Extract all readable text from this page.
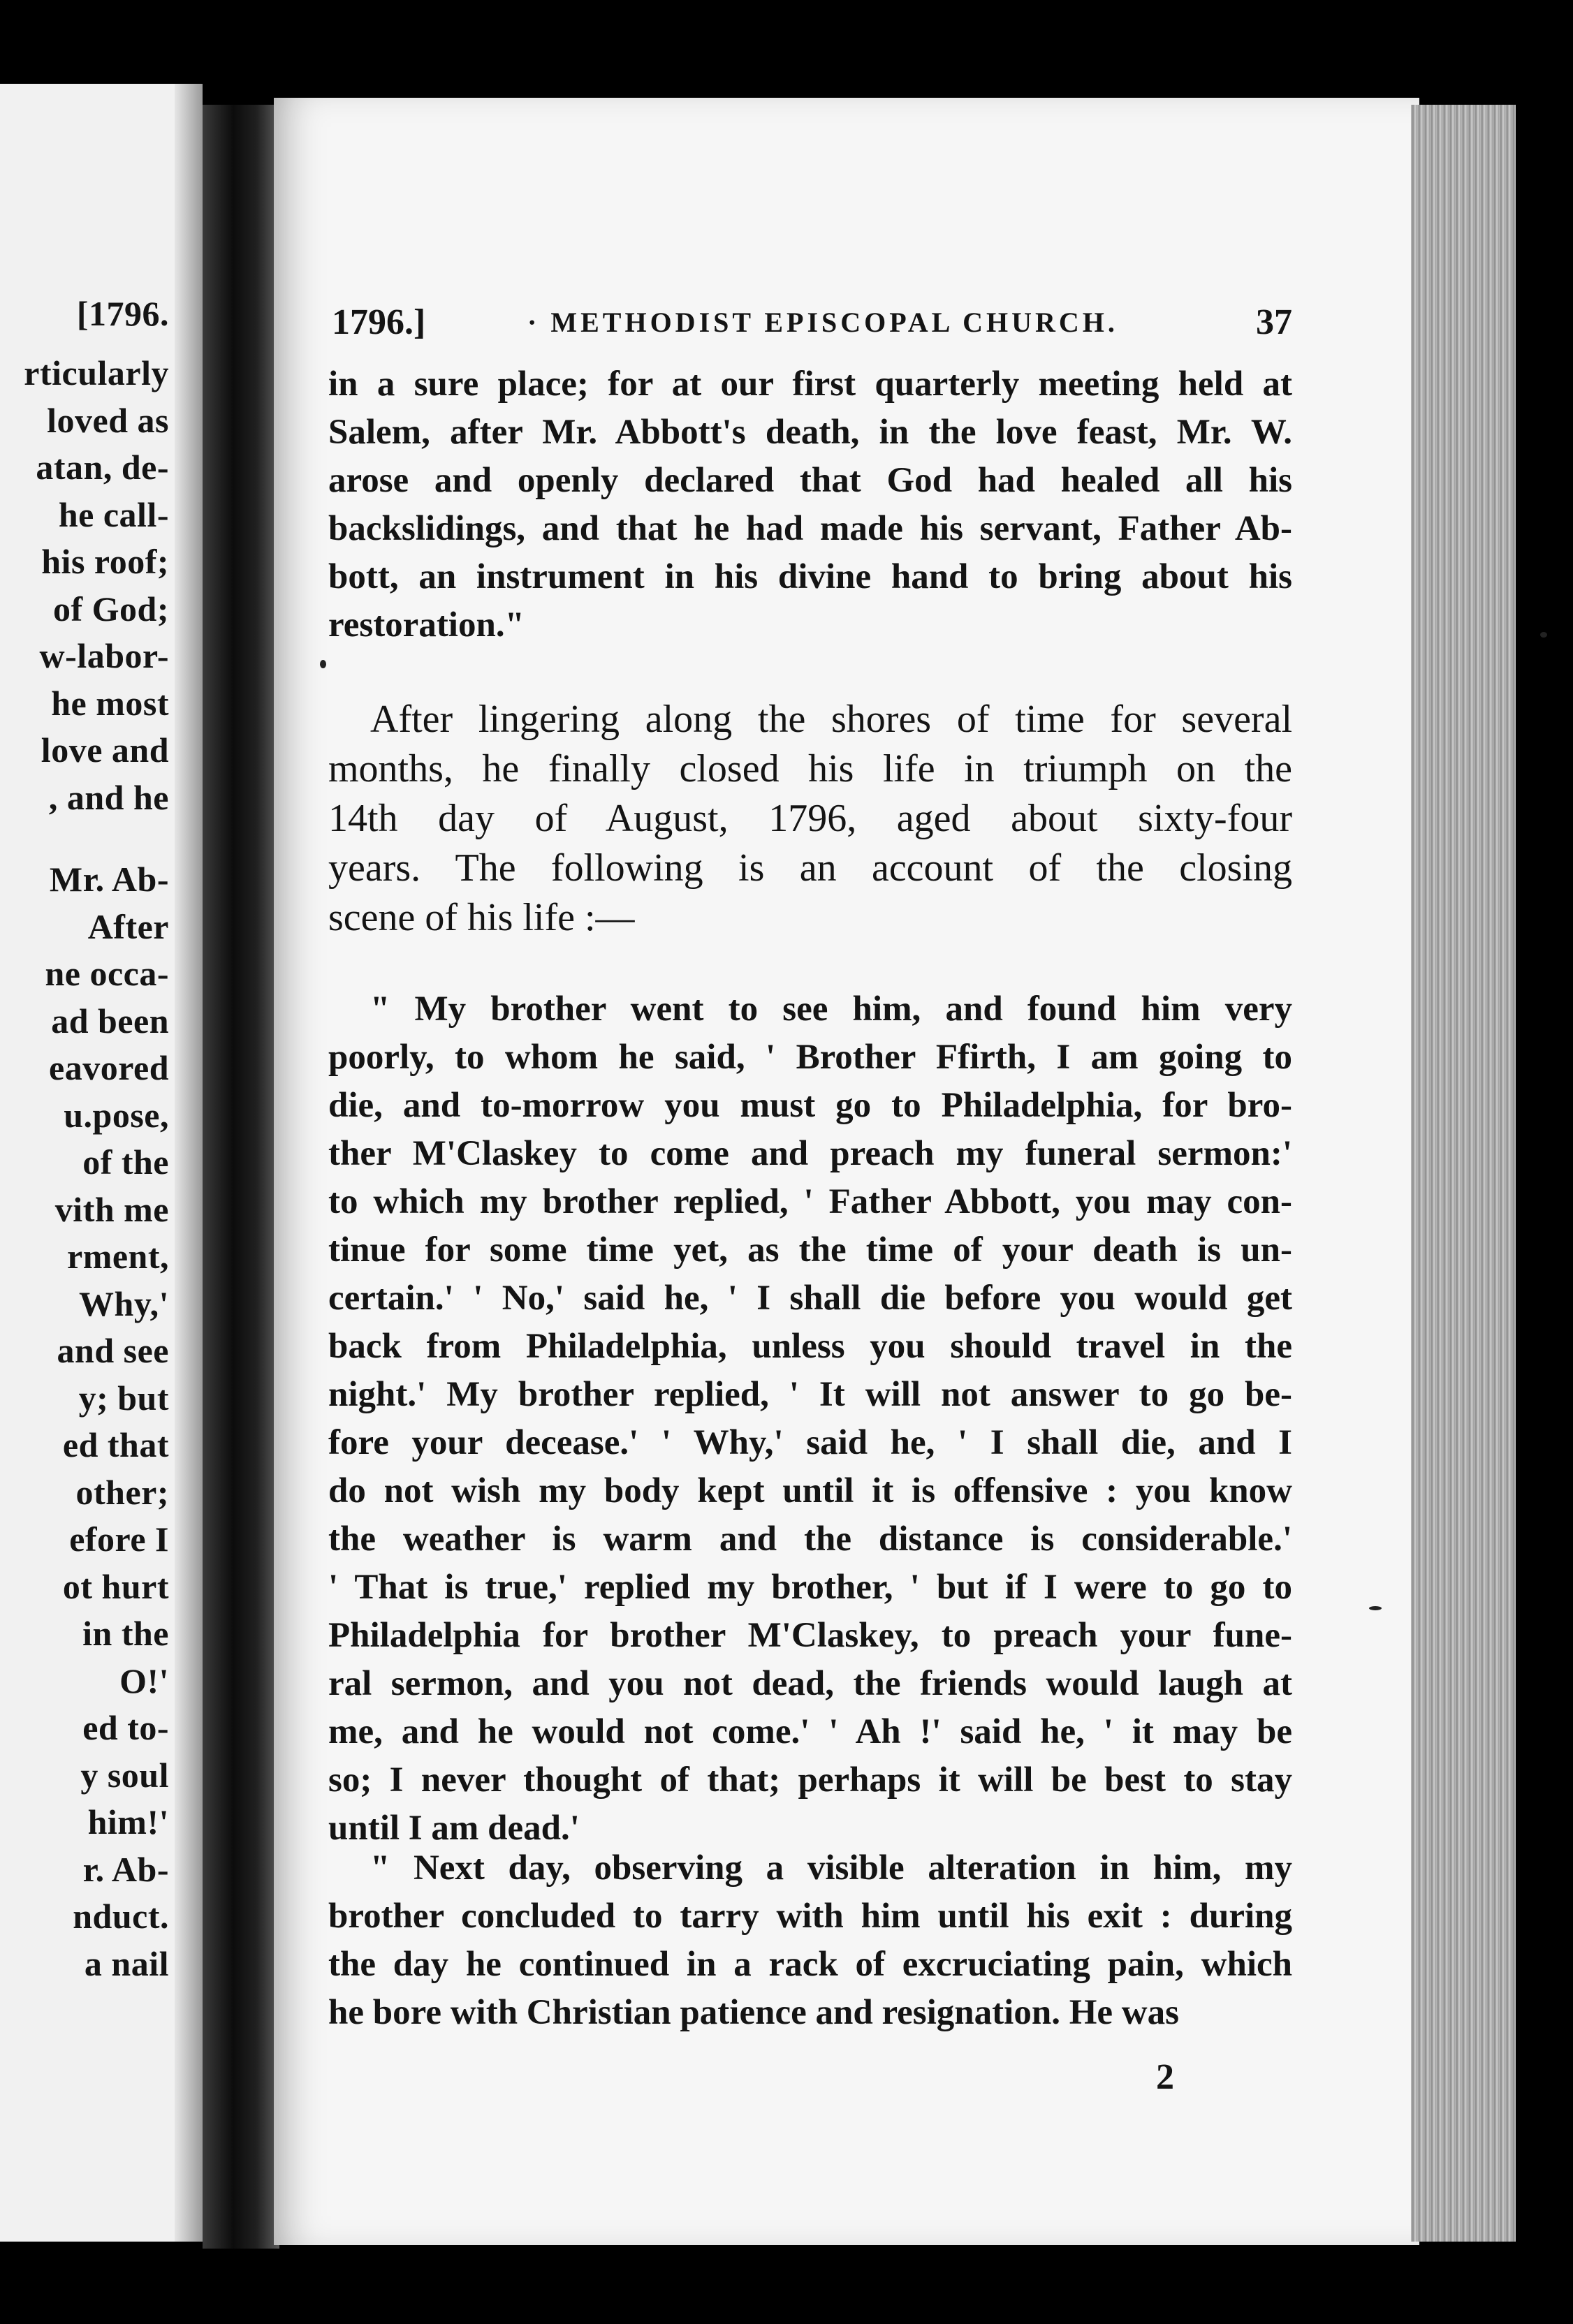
[1796.
rticularly
loved as
atan, de-
he call-
his roof;
of God;
w-labor-
he most
love and
, and he
Mr. Ab-
After
ne occa-
ad been
eavored
u.pose,
of the
vith me
rment,
Why,'
and see
y; but
ed that
other;
efore I
ot hurt
in the
O!'
ed to-
y soul
him!'
r. Ab-
nduct.
a nail
1796.]	· METHODIST EPISCOPAL CHURCH.	37
in a sure place; for at our first quarterly meeting held at
Salem, after Mr. Abbott's death, in the love feast, Mr. W.
arose and openly declared that God had healed all his
backslidings, and that he had made his servant, Father Ab-
bott, an instrument in his divine hand to bring about his
restoration."
After lingering along the shores of time for several
months, he finally closed his life in triumph on the
14th day of August, 1796, aged about sixty-four
years. The following is an account of the closing
scene of his life :—
" My brother went to see him, and found him very
poorly, to whom he said, ' Brother Ffirth, I am going to
die, and to-morrow you must go to Philadelphia, for bro-
ther M'Claskey to come and preach my funeral sermon:'
to which my brother replied, ' Father Abbott, you may con-
tinue for some time yet, as the time of your death is un-
certain.' ' No,' said he, ' I shall die before you would get
back from Philadelphia, unless you should travel in the
night.' My brother replied, ' It will not answer to go be-
fore your decease.' ' Why,' said he, ' I shall die, and I
do not wish my body kept until it is offensive : you know
the weather is warm and the distance is considerable.'
' That is true,' replied my brother, ' but if I were to go to
Philadelphia for brother M'Claskey, to preach your fune-
ral sermon, and you not dead, the friends would laugh at
me, and he would not come.' ' Ah !' said he, ' it may be
so; I never thought of that; perhaps it will be best to stay
until I am dead.'
" Next day, observing a visible alteration in him, my
brother concluded to tarry with him until his exit : during
the day he continued in a rack of excruciating pain, which
he bore with Christian patience and resignation. He was
2
